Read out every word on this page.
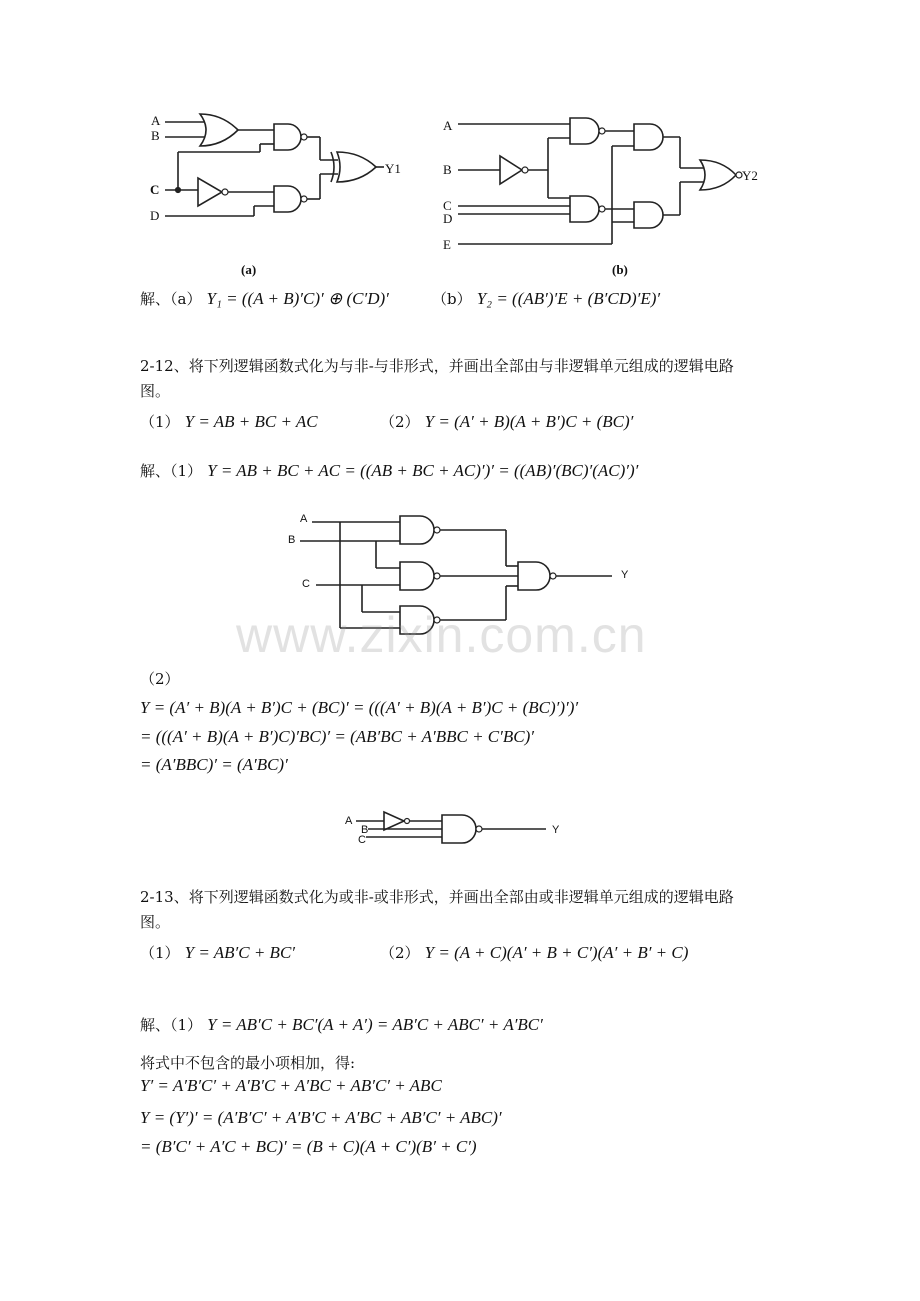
A
B
C
D
Y1
(a)
A
B
C
D
E
Y2
(b)
解、（a） Y₁ = ((A + B)′C)′ ⊕ (C′D)′	（b） Y₂ = ((AB′)′E + (B′CD)′E)′
2-12、将下列逻辑函数式化为与非-与非形式，并画出全部由与非逻辑单元组成的逻辑电路
图。
（1） Y = AB + BC + AC	（2） Y = (A′ + B)(A + B′)C + (BC)′
解、（1） Y = AB + BC + AC = ((AB + BC + AC)′)′ = ((AB)′(BC)′(AC)′)′
A
B
C
Y
www.zixin.com.cn
（2）
Y = (A′ + B)(A + B′)C + (BC)′ = (((A′ + B)(A + B′)C + (BC)′)′)′
= (((A′ + B)(A + B′)C)′BC)′ = (AB′BC + A′BBC + C′BC)′
= (A′BBC)′ = (A′BC)′
A
B
C
Y
2-13、将下列逻辑函数式化为或非-或非形式，并画出全部由或非逻辑单元组成的逻辑电路
图。
（1） Y = AB′C + BC′	（2） Y = (A + C)(A′ + B + C′)(A′ + B′ + C)
解、（1） Y = AB′C + BC′(A + A′) = AB′C + ABC′ + A′BC′
将式中不包含的最小项相加，得:
Y′ = A′B′C′ + A′B′C + A′BC + AB′C′ + ABC
Y = (Y′)′ = (A′B′C′ + A′B′C + A′BC + AB′C′ + ABC)′
= (B′C′ + A′C + BC)′ = (B + C)(A + C′)(B′ + C′)
